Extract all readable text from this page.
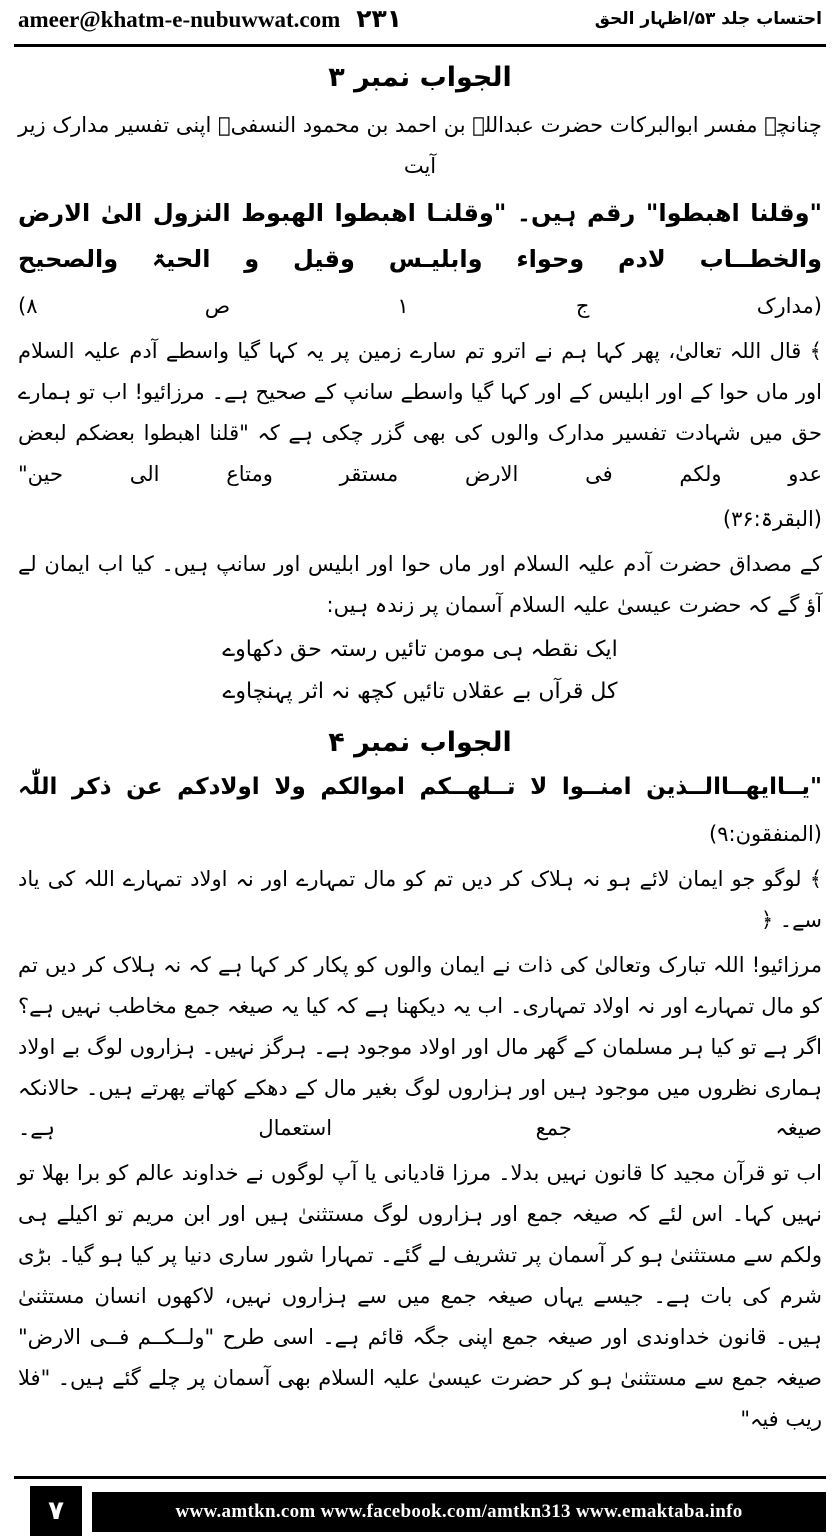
ameer@khatm-e-nubuwwat.com ۲۳۱	احتساب جلد ۵۳/اظہار الحق
الجواب نمبر ۳

چنانچہ مفسر ابوالبرکات حضرت عبداللہ بن احمد بن محمود النسفیؒ اپنی تفسیر مدارک زیر آیت

"وقلنا اھبطوا" رقم ہیں۔ "وقلنـا اھبطوا الھبوط النزول الیٰ الارض والخطــاب لادم وحواء وابلیـس وقیل و الحیۃ والصحیح

(مدارک ج ۱ ص ۸)

﴾ قال اللہ تعالیٰ، پھر کہا ہم نے اترو تم سارے زمین پر یہ کہا گیا واسطے آدم علیہ السلام اور ماں حوا کے اور ابلیس کے اور کہا گیا واسطے سانپ کے صحیح ہے۔ مرزائیو! اب تو ہمارے حق میں شہادت تفسیر مدارک والوں کی بھی گزر چکی ہے کہ "قلنا اھبطوا بعضکم لبعض عدو ولکم فی الارض مستقر ومتاع الی حین"

(البقرۃ:۳۶)

کے مصداق حضرت آدم علیہ السلام اور ماں حوا اور ابلیس اور سانپ ہیں۔ کیا اب ایمان لے آؤ گے کہ حضرت عیسیٰ علیہ السلام آسمان پر زندہ ہیں:

ایک نقطہ ہی مومن تائیں رستہ حق دکھاوے
کل قرآں بے عقلاں تائیں کچھ نہ اثر پہنچاوے
الجواب نمبر ۴

"یــاایھــاالــذین امنــوا لا تــلھــکم اموالکم ولا اولادکم عن ذکر اللّٰہ

(المنفقون:۹)

﴾ لوگو جو ایمان لائے ہو نہ ہلاک کر دیں تم کو مال تمہارے اور نہ اولاد تمہارے اللہ کی یاد سے۔ ﴿

مرزائیو! اللہ تبارک وتعالیٰ کی ذات نے ایمان والوں کو پکار کر کہا ہے کہ نہ ہلاک کر دیں تم کو مال تمہارے اور نہ اولاد تمہاری۔ اب یہ دیکھنا ہے کہ کیا یہ صیغہ جمع مخاطب نہیں ہے؟ اگر ہے تو کیا ہر مسلمان کے گھر مال اور اولاد موجود ہے۔ ہرگز نہیں۔ ہزاروں لوگ بے اولاد ہماری نظروں میں موجود ہیں اور ہزاروں لوگ بغیر مال کے دھکے کھاتے پھرتے ہیں۔ حالانکہ صیغہ جمع استعمال ہے۔

اب تو قرآن مجید کا قانون نہیں بدلا۔ مرزا قادیانی یا آپ لوگوں نے خداوند عالم کو برا بھلا تو نہیں کہا۔ اس لئے کہ صیغہ جمع اور ہزاروں لوگ مستثنیٰ ہیں اور ابن مریم تو اکیلے ہی ولکم سے مستثنیٰ ہو کر آسمان پر تشریف لے گئے۔ تمہارا شور ساری دنیا پر کیا ہو گیا۔ بڑی شرم کی بات ہے۔ جیسے یہاں صیغہ جمع میں سے ہزاروں نہیں، لاکھوں انسان مستثنیٰ ہیں۔ قانون خداوندی اور صیغہ جمع اپنی جگہ قائم ہے۔ اسی طرح "ولــکــم فــی الارض" صیغہ جمع سے مستثنیٰ ہو کر حضرت عیسیٰ علیہ السلام بھی آسمان پر چلے گئے ہیں۔ "فلا ریب فیہ"

۷	www.amtkn.com www.facebook.com/amtkn313 www.emaktaba.info
